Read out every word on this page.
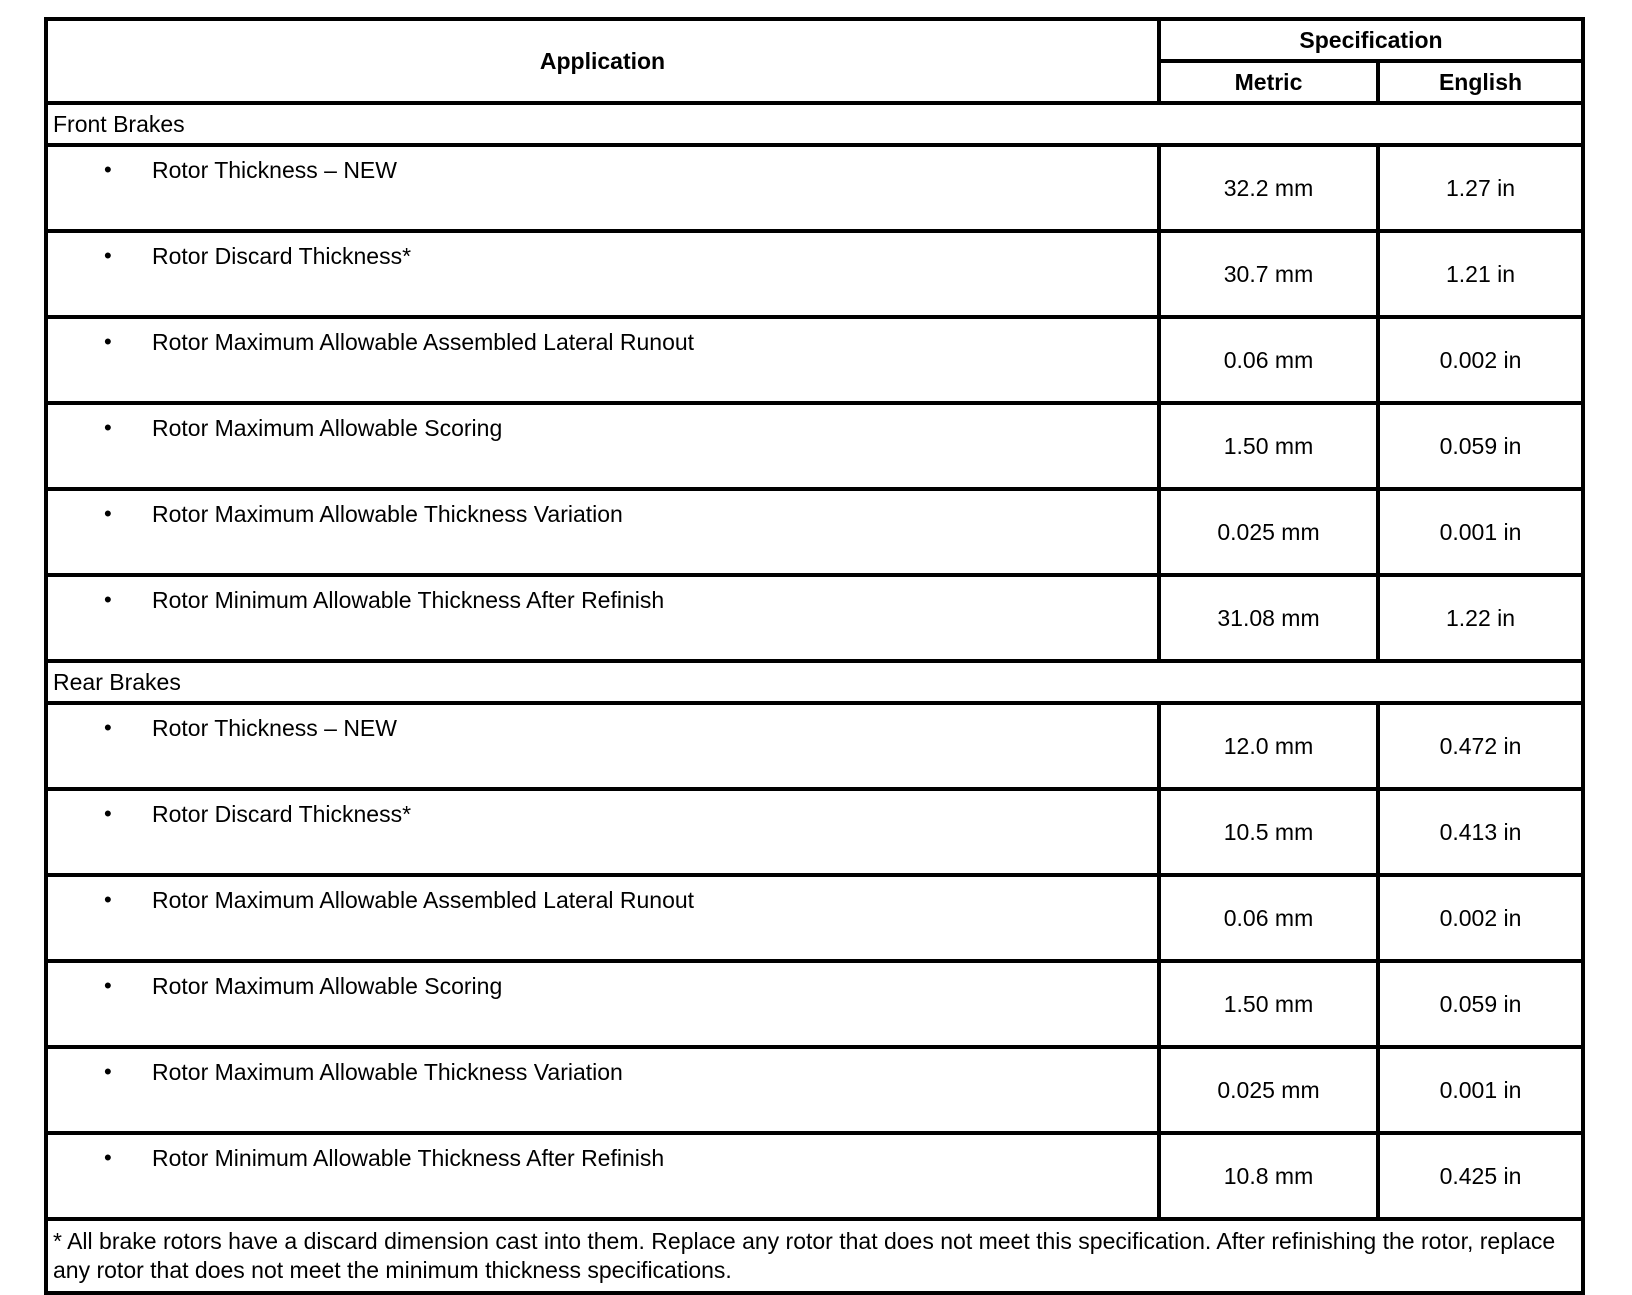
Application	Specification	
	Metric	English
Front Brakes		

• Rotor Thickness – NEW	32.2 mm	1.27 in

• Rotor Discard Thickness*	30.7 mm	1.21 in

• Rotor Maximum Allowable Assembled Lateral Runout	0.06 mm	0.002 in

• Rotor Maximum Allowable Scoring	1.50 mm	0.059 in

• Rotor Maximum Allowable Thickness Variation	0.025 mm	0.001 in

• Rotor Minimum Allowable Thickness After Refinish	31.08 mm	1.22 in
Rear Brakes		

• Rotor Thickness – NEW	12.0 mm	0.472 in

• Rotor Discard Thickness*	10.5 mm	0.413 in

• Rotor Maximum Allowable Assembled Lateral Runout	0.06 mm	0.002 in

• Rotor Maximum Allowable Scoring	1.50 mm	0.059 in

• Rotor Maximum Allowable Thickness Variation	0.025 mm	0.001 in

• Rotor Minimum Allowable Thickness After Refinish	10.8 mm	0.425 in
* All brake rotors have a discard dimension cast into them. Replace any rotor that does not meet this specification. After refinishing the rotor, replace any rotor that does not meet the minimum thickness specifications.		
